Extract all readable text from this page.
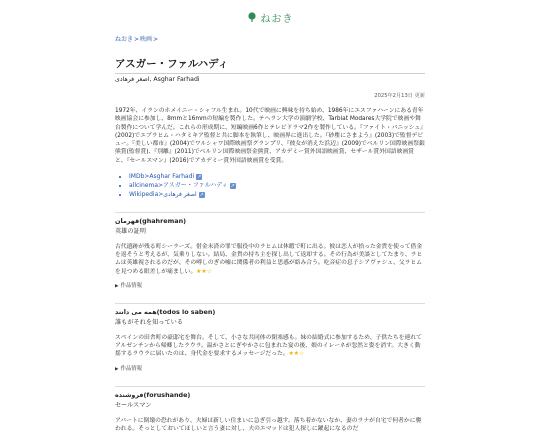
ねおき
ねおき>映画>
アスガー・ファルハディ
اصغر فرهادی, Asghar Farhadi
2025年2月13日 更新

1972年、イランのホメイニー・シャフル生まれ。10代で映画に興味を持ち始め、1986年にエスファハーンにある青年映画協会に参加し、8mmと16mmの短編を製作した。テヘラン大学の演劇学校、Tarbiat Modares大学院で映画や舞台製作について学んだ。これらの形成期に、短編映画6作とテレビドラマ2作を製作している。『ファイト・バニッシュ』(2002)でエブラヒム・ハタミキア監督と共に脚本を執筆し、映画界に進出した。『砂塵にさまよう』(2003)で監督デビュー。『美しい都市』(2004)でワルシャワ国際映画祭グランプリ、『彼女が消えた浜辺』(2009)でベルリン国際映画祭銀熊賞(監督賞)、『別離』(2011)でベルリン国際映画祭金熊賞、アカデミー賞外国語映画賞、セザール賞外国語映画賞と、『セールスマン』(2016)でアカデミー賞外国語映画賞を受賞。

• IMDb>Asghar Farhadi ↗
• allcinema>アスガー・ファルハディ ↗
• Wikipedia>اصغر فرهادی ↗
قهرمان(ghahreman)
英雄の証明
古代遺跡が残る町シーラーズ。借金未済の罪で服役中のラヒムは休暇で町に出る。彼は恋人が拾った金貨を使って借金を返そうと考えるが、気乗りしない。結局、金貨の持ち主を探し出して返却する。その行為が美談としてたまり、ラヒムは英雄視されるのだが、その噂しのぎの嘘に関係者の利益と思惑が絡み合う。吃音症の息子シアヴァシュ、父ラヒムを見つめる眼差しが痛ましい。★★☆
▶ 作品情報
همه می دانند(todos lo saben)
誰もがそれを知っている
スペインの田舎町の豪邸宅を舞台。そして、小さな共同体の閉塞感も。妹の結婚式に参加するため、子供たちを連れてアルゼンチンから帰郷したラウラ。温かさとにぎやかさに包まれた宴の後、娘のイレーネが忽然と姿を消す。大きく動揺するラウラに届いたのは、身代金を要求するメッセージだった。★★☆
▶ 作品情報
فروشنده(forushande)
セールスマン
アパートに倒壊の恐れがあり、夫婦は新しい住まいに急ぎ引っ越す。落ち着かないなか、妻のラナが自宅で何者かに襲われる。そっとしておいてほしいと言う妻に対し、夫のエマッドは犯人探しに躍起になるのだ
